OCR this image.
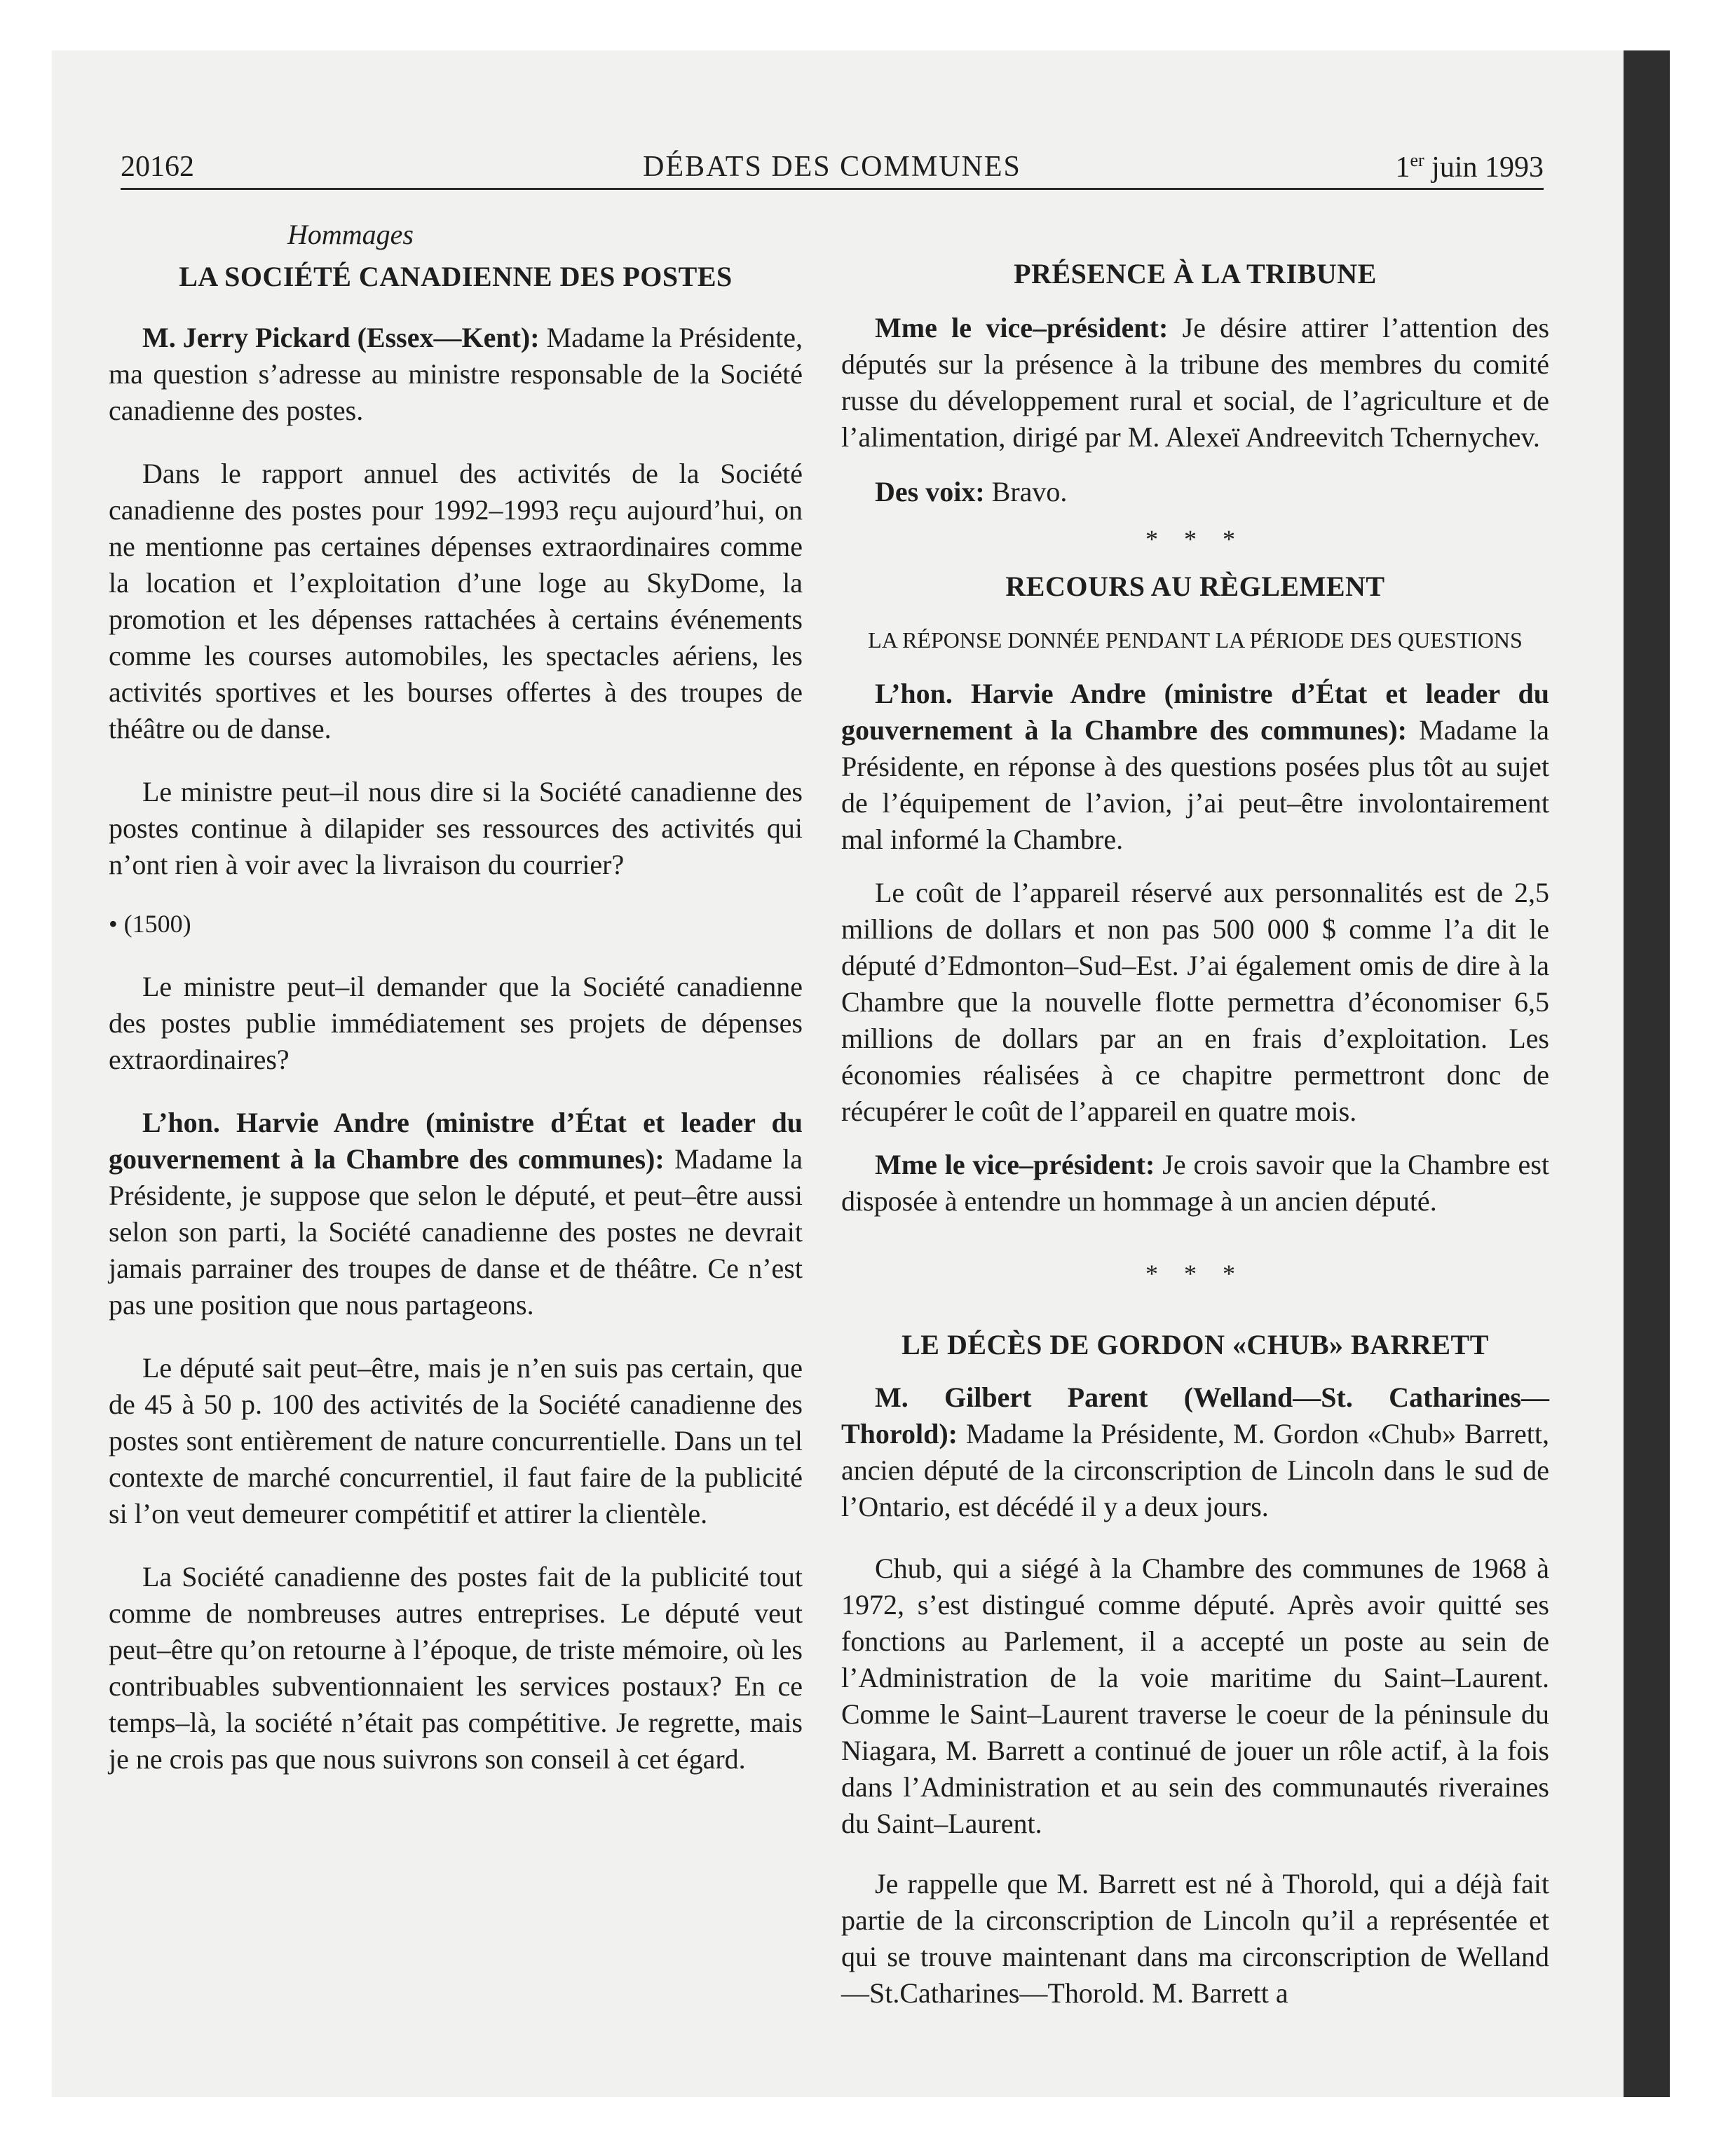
20162	DÉBATS DES COMMUNES	1er juin 1993
Hommages
LA SOCIÉTÉ CANADIENNE DES POSTES

M. Jerry Pickard (Essex—Kent): Madame la Présidente, ma question s’adresse au ministre responsable de la Société canadienne des postes.

Dans le rapport annuel des activités de la Société canadienne des postes pour 1992–1993 reçu aujourd’hui, on ne mentionne pas certaines dépenses extraordinaires comme la location et l’exploitation d’une loge au SkyDome, la promotion et les dépenses rattachées à certains événements comme les courses automobiles, les spectacles aériens, les activités sportives et les bourses offertes à des troupes de théâtre ou de danse.

Le ministre peut–il nous dire si la Société canadienne des postes continue à dilapider ses ressources des activités qui n’ont rien à voir avec la livraison du courrier?

• (1500)

Le ministre peut–il demander que la Société canadienne des postes publie immédiatement ses projets de dépenses extraordinaires?

L’hon. Harvie Andre (ministre d’État et leader du gouvernement à la Chambre des communes): Madame la Présidente, je suppose que selon le député, et peut–être aussi selon son parti, la Société canadienne des postes ne devrait jamais parrainer des troupes de danse et de théâtre. Ce n’est pas une position que nous partageons.

Le député sait peut–être, mais je n’en suis pas certain, que de 45 à 50 p. 100 des activités de la Société canadienne des postes sont entièrement de nature concurrentielle. Dans un tel contexte de marché concurrentiel, il faut faire de la publicité si l’on veut demeurer compétitif et attirer la clientèle.

La Société canadienne des postes fait de la publicité tout comme de nombreuses autres entreprises. Le député veut peut–être qu’on retourne à l’époque, de triste mémoire, où les contribuables subventionnaient les services postaux? En ce temps–là, la société n’était pas compétitive. Je regrette, mais je ne crois pas que nous suivrons son conseil à cet égard.

PRÉSENCE À LA TRIBUNE

Mme le vice–président: Je désire attirer l’attention des députés sur la présence à la tribune des membres du comité russe du développement rural et social, de l’agriculture et de l’alimentation, dirigé par M. Alexeï Andreevitch Tchernychev.

Des voix: Bravo.

* * *
RECOURS AU RÈGLEMENT
LA RÉPONSE DONNÉE PENDANT LA PÉRIODE DES QUESTIONS

L’hon. Harvie Andre (ministre d’État et leader du gouvernement à la Chambre des communes): Madame la Présidente, en réponse à des questions posées plus tôt au sujet de l’équipement de l’avion, j’ai peut–être involontairement mal informé la Chambre.

Le coût de l’appareil réservé aux personnalités est de 2,5 millions de dollars et non pas 500 000 $ comme l’a dit le député d’Edmonton–Sud–Est. J’ai également omis de dire à la Chambre que la nouvelle flotte permettra d’économiser 6,5 millions de dollars par an en frais d’exploitation. Les économies réalisées à ce chapitre permettront donc de récupérer le coût de l’appareil en quatre mois.

Mme le vice–président: Je crois savoir que la Chambre est disposée à entendre un hommage à un ancien député.

* * *
LE DÉCÈS DE GORDON «CHUB» BARRETT

M. Gilbert Parent (Welland—St. Catharines—Thorold): Madame la Présidente, M. Gordon «Chub» Barrett, ancien député de la circonscription de Lincoln dans le sud de l’Ontario, est décédé il y a deux jours.

Chub, qui a siégé à la Chambre des communes de 1968 à 1972, s’est distingué comme député. Après avoir quitté ses fonctions au Parlement, il a accepté un poste au sein de l’Administration de la voie maritime du Saint–Laurent. Comme le Saint–Laurent traverse le coeur de la péninsule du Niagara, M. Barrett a continué de jouer un rôle actif, à la fois dans l’Administration et au sein des communautés riveraines du Saint–Laurent.

Je rappelle que M. Barrett est né à Thorold, qui a déjà fait partie de la circonscription de Lincoln qu’il a représentée et qui se trouve maintenant dans ma circonscription de Welland—St.Catharines—Thorold. M. Barrett a
